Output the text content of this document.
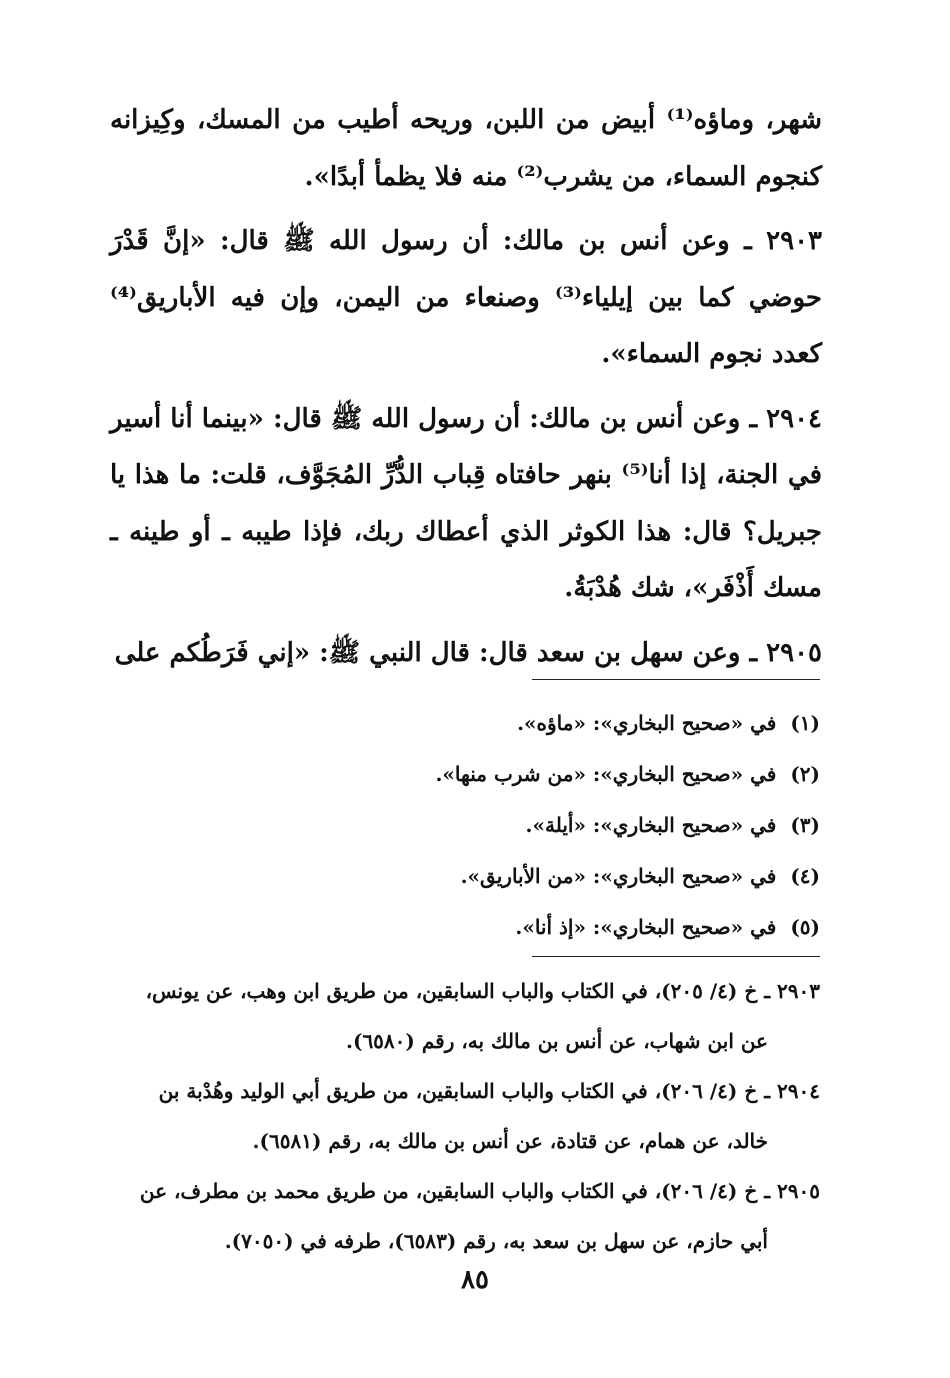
شهر، وماؤه⁽¹⁾ أبيض من اللبن، وريحه أطيب من المسك، وكِيزانه كنجوم السماء، من يشرب⁽²⁾ منه فلا يظمأ أبدًا».

٢٩٠٣ ـ وعن أنس بن مالك: أن رسول الله ﷺ قال: «إنَّ قَدْرَ حوضي كما بين إيلياء⁽³⁾ وصنعاء من اليمن، وإن فيه الأباريق⁽⁴⁾ كعدد نجوم السماء».

٢٩٠٤ ـ وعن أنس بن مالك: أن رسول الله ﷺ قال: «بينما أنا أسير في الجنة، إذا أنا⁽⁵⁾ بنهر حافتاه قِباب الدُّرِّ المُجَوَّف، قلت: ما هذا يا جبريل؟ قال: هذا الكوثر الذي أعطاك ربك، فإذا طيبه ـ أو طينه ـ مسك أَذْفَر»، شك هُدْبَةُ.

٢٩٠٥ ـ وعن سهل بن سعد قال: قال النبي ﷺ: «إني فَرَطُكم على

(١)في «صحيح البخاري»: «ماؤه».
(٢)في «صحيح البخاري»: «من شرب منها».
(٣)في «صحيح البخاري»: «أيلة».
(٤)في «صحيح البخاري»: «من الأباريق».
(٥)في «صحيح البخاري»: «إذ أنا».
٢٩٠٣ ـ خ (٤/ ٢٠٥)، في الكتاب والباب السابقين، من طريق ابن وهب، عن يونس،
عن ابن شهاب، عن أنس بن مالك به، رقم (٦٥٨٠).
٢٩٠٤ ـ خ (٤/ ٢٠٦)، في الكتاب والباب السابقين، من طريق أبي الوليد وهُدْبة بن
خالد، عن همام، عن قتادة، عن أنس بن مالك به، رقم (٦٥٨١).
٢٩٠٥ ـ خ (٤/ ٢٠٦)، في الكتاب والباب السابقين، من طريق محمد بن مطرف، عن
أبي حازم، عن سهل بن سعد به، رقم (٦٥٨٣)، طرفه في (٧٠٥٠).
٨٥
